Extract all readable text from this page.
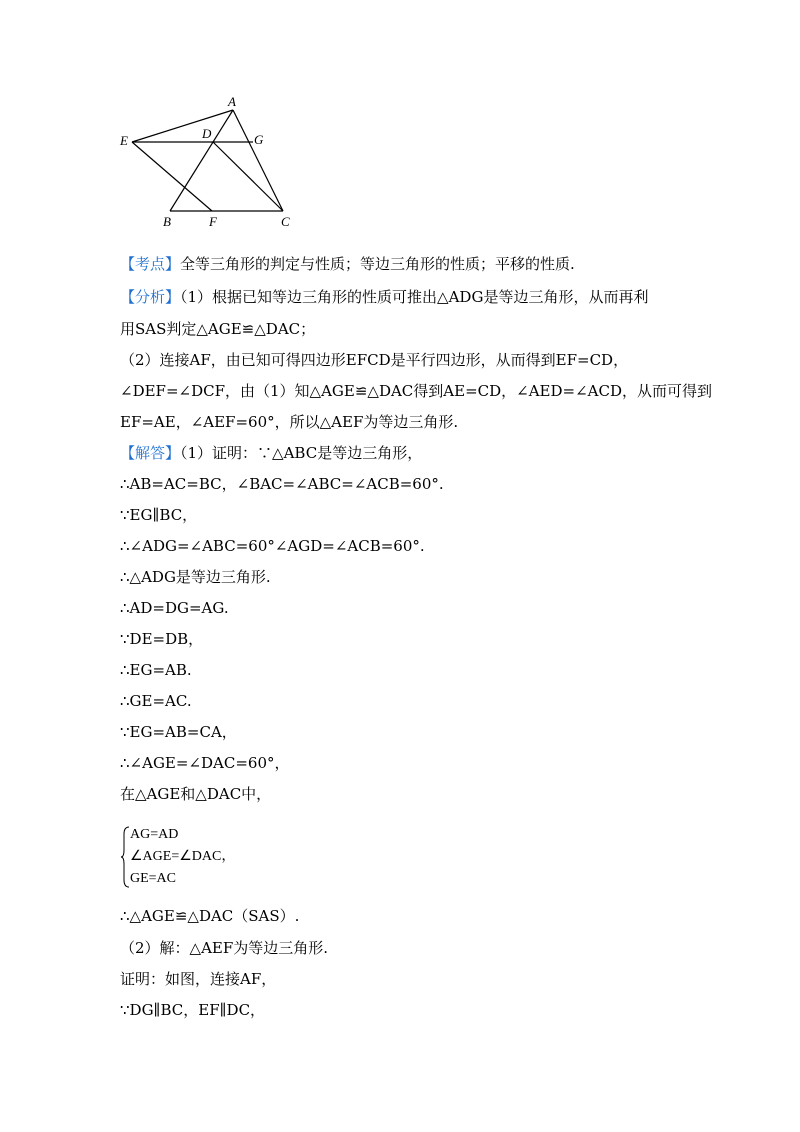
A
E	D	G
B	F	C
【考点】全等三角形的判定与性质；等边三角形的性质；平移的性质.
【分析】（1）根据已知等边三角形的性质可推出△ADG是等边三角形，从而再利
用SAS判定△AGE≌△DAC；
（2）连接AF，由已知可得四边形EFCD是平行四边形，从而得到EF=CD，
∠DEF=∠DCF，由（1）知△AGE≌△DAC得到AE=CD，∠AED=∠ACD，从而可得到
EF=AE，∠AEF=60°，所以△AEF为等边三角形.
【解答】（1）证明：∵△ABC是等边三角形，
∴AB=AC=BC，∠BAC=∠ABC=∠ACB=60°.
∵EG∥BC，
∴∠ADG=∠ABC=60°∠AGD=∠ACB=60°.
∴△ADG是等边三角形.
∴AD=DG=AG.
∵DE=DB，
∴EG=AB.
∴GE=AC.
∵EG=AB=CA，
∴∠AGE=∠DAC=60°，
在△AGE和△DAC中，
AG=AD
∠AGE=∠DAC，
GE=AC
∴△AGE≌△DAC（SAS）.
（2）解：△AEF为等边三角形.
证明：如图，连接AF，
∵DG∥BC，EF∥DC，
